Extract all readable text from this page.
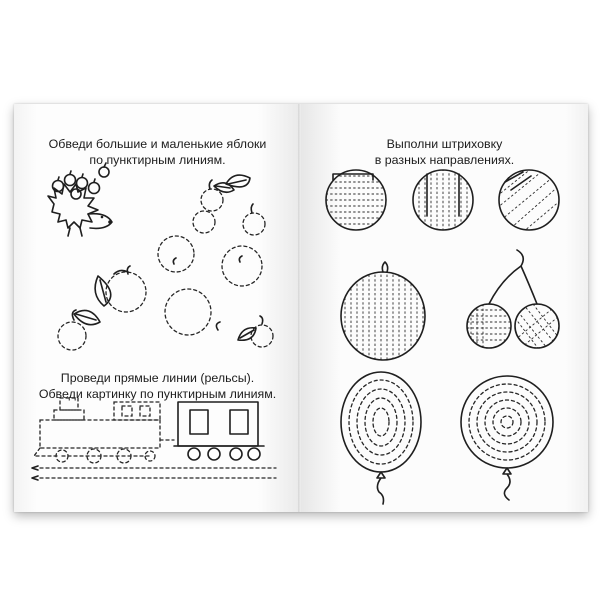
Обведи большие и маленькие яблоки
по пунктирным линиям.

Проведи прямые линии (рельсы).
Обведи картинку по пунктирным линиям.

Выполни штриховку
в разных направлениях.
